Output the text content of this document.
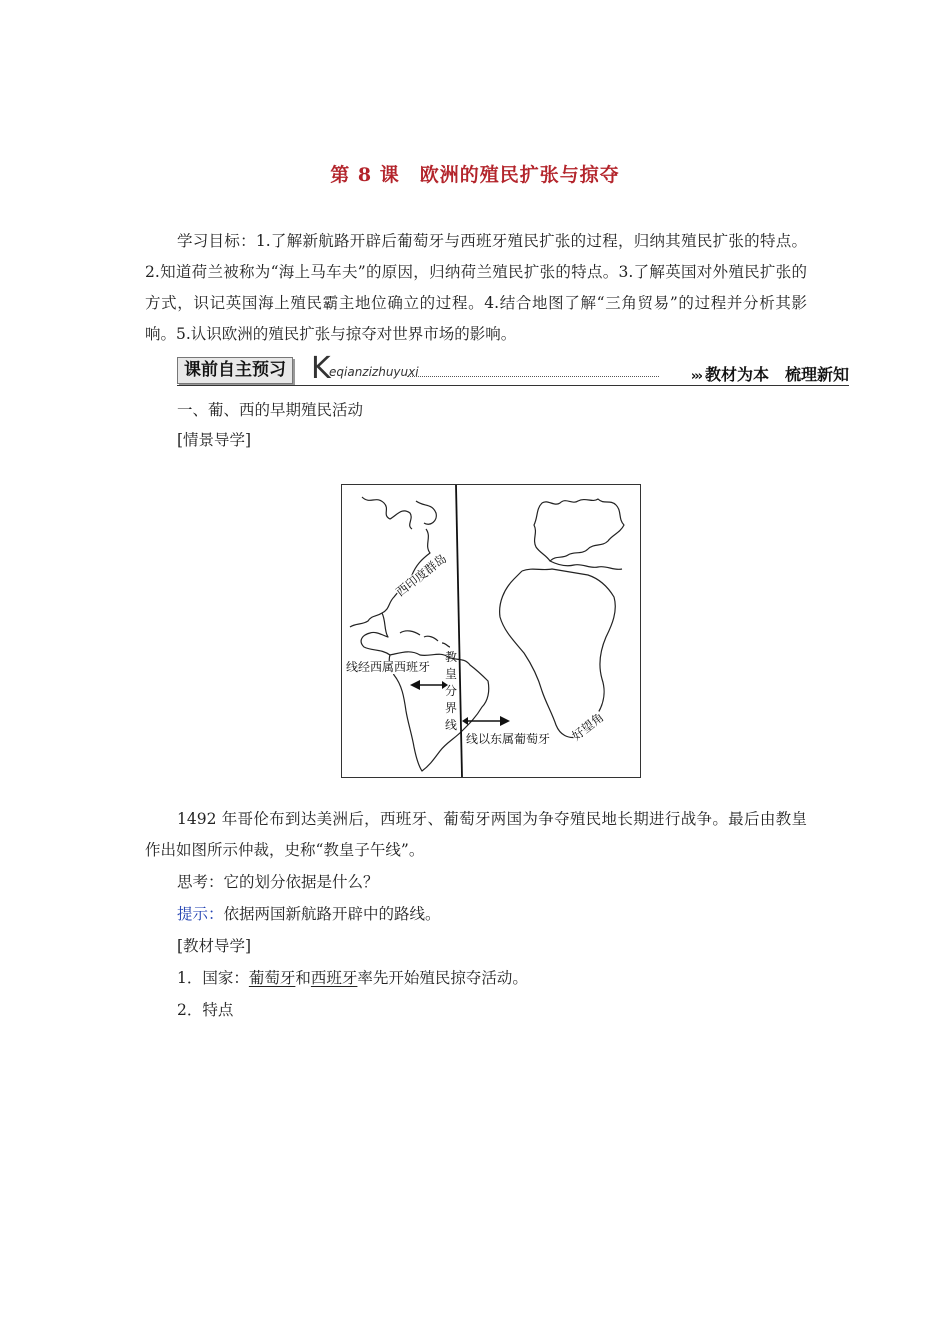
第 8 课　欧洲的殖民扩张与掠夺

学习目标：1.了解新航路开辟后葡萄牙与西班牙殖民扩张的过程，归纳其殖民扩张的特点。2.知道荷兰被称为“海上马车夫”的原因，归纳荷兰殖民扩张的特点。3.了解英国对外殖民扩张的方式，识记英国海上殖民霸主地位确立的过程。4.结合地图了解“三角贸易”的过程并分析其影响。5.认识欧洲的殖民扩张与掠夺对世界市场的影响。

课前自主预习 K
eqianzizhuyuxi	››› 教材为本　梳理新知

一、葡、西的早期殖民活动

[情景导学]

西印度群岛
线经西属西班牙
教皇分界线
线以东属葡萄牙 好望角

1492 年哥伦布到达美洲后，西班牙、葡萄牙两国为争夺殖民地长期进行战争。最后由教皇作出如图所示仲裁，史称“教皇子午线”。

思考：它的划分依据是什么？

提示：依据两国新航路开辟中的路线。

[教材导学]

1．国家：葡萄牙和西班牙率先开始殖民掠夺活动。

2．特点
